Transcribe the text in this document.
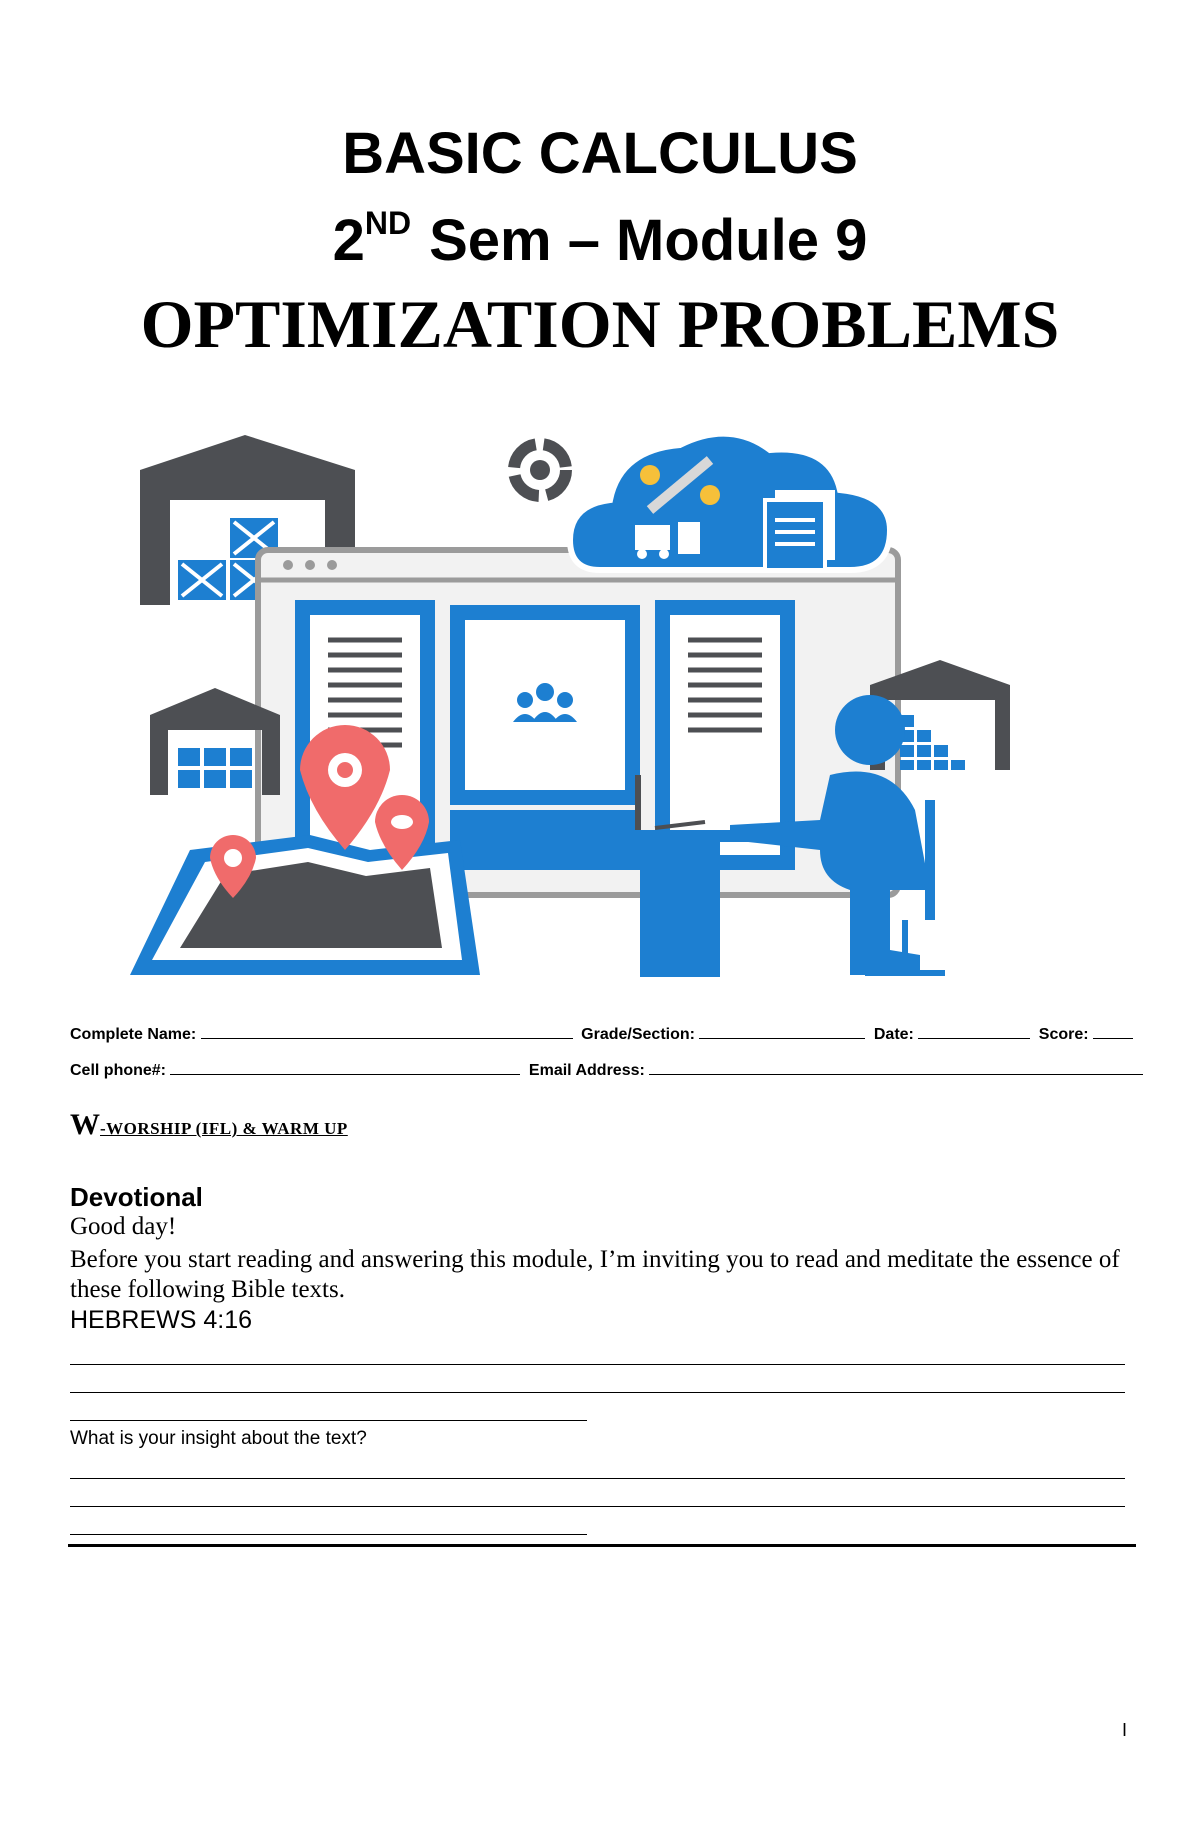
BASIC CALCULUS
2ND Sem – Module 9
OPTIMIZATION PROBLEMS
Complete Name:	Grade/Section:	Date:	Score:
Cell phone#:	Email Address:
W-WORSHIP (IFL) & WARM UP
Devotional
Good day!
Before you start reading and answering this module, I’m inviting you to read and meditate the essence of these following Bible texts.
HEBREWS 4:16
What is your insight about the text?
I
